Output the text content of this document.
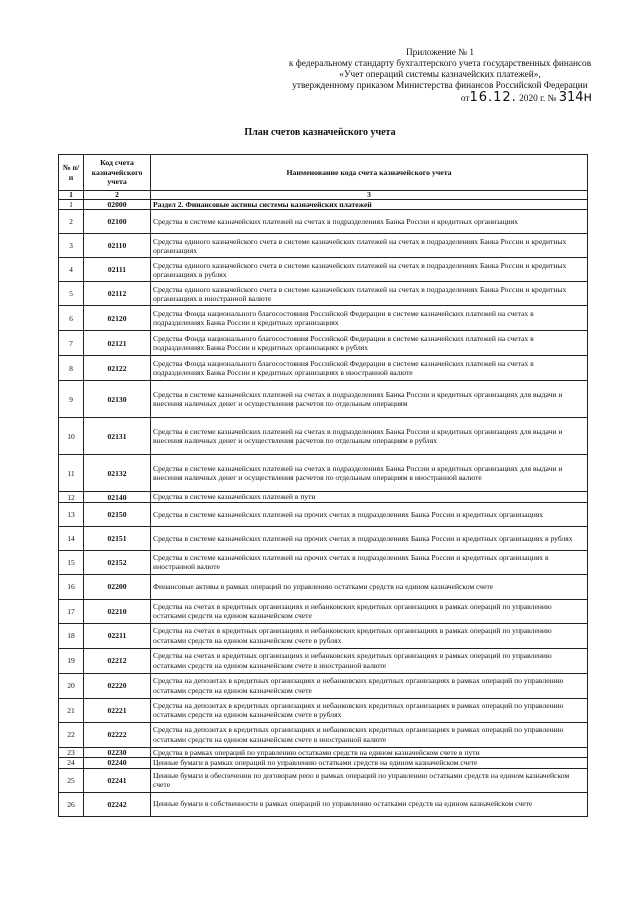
Приложение № 1
к федеральному стандарту бухгалтерского учета государственных финансов
«Учет операций системы казначейских платежей»,
утвержденному приказом Министерства финансов Российской Федерации
от16.12. 2020 г. № 314н
План счетов казначейского учета
№ п/п	Код счета казначейского учета	Наименование кода счета казначейского учета
1	2	3
1	02000	Раздел 2. Финансовые активы системы казначейских платежей
2	02100	Средства в системе казначейских платежей на счетах в подразделениях Банка России и кредитных организациях
3	02110	Средства единого казначейского счета в системе казначейских платежей на счетах в подразделениях Банка России и кредитных организациях
4	02111	Средства единого казначейского счета в системе казначейских платежей на счетах в подразделениях Банка России и кредитных организациях в рублях
5	02112	Средства единого казначейского счета в системе казначейских платежей на счетах в подразделениях Банка России и кредитных организациях в иностранной валюте
6	02120	Средства Фонда национального благосостояния Российской Федерации в системе казначейских платежей на счетах в подразделениях Банка России и кредитных организациях
7	02121	Средства Фонда национального благосостояния Российской Федерации в системе казначейских платежей на счетах в подразделениях Банка России и кредитных организациях в рублях
8	02122	Средства Фонда национального благосостояния Российской Федерации в системе казначейских платежей на счетах в подразделениях Банка России и кредитных организациях в иностранной валюте
9	02130	Средства в системе казначейских платежей на счетах в подразделениях Банка России и кредитных организациях для выдачи и внесения наличных денег и осуществления расчетов по отдельным операциям
10	02131	Средства в системе казначейских платежей на счетах в подразделениях Банка России и кредитных организациях для выдачи и внесения наличных денег и осуществления расчетов по отдельным операциям в рублях
11	02132	Средства в системе казначейских платежей на счетах в подразделениях Банка России и кредитных организациях для выдачи и внесения наличных денег и осуществления расчетов по отдельным операциям в иностранной валюте
12	02140	Средства в системе казначейских платежей в пути
13	02150	Средства в системе казначейских платежей на прочих счетах в подразделениях Банка России и кредитных организациях
14	02151	Средства в системе казначейских платежей на прочих счетах в подразделениях Банка России и кредитных организациях в рублях
15	02152	Средства в системе казначейских платежей на прочих счетах в подразделениях Банка России и кредитных организациях в иностранной валюте
16	02200	Финансовые активы в рамках операций по управлению остатками средств на едином казначейском счете
17	02210	Средства на счетах в кредитных организациях и небанковских кредитных организациях в рамках операций по управлению остатками средств на едином казначейском счете
18	02211	Средства на счетах в кредитных организациях и небанковских кредитных организациях в рамках операций по управлению остатками средств на едином казначейском счете в рублях
19	02212	Средства на счетах в кредитных организациях и небанковских кредитных организациях в рамках операций по управлению остатками средств на едином казначейском счете в иностранной валюте
20	02220	Средства на депозитах в кредитных организациях и небанковских кредитных организациях в рамках операций по управлению остатками средств на едином казначейском счете
21	02221	Средства на депозитах в кредитных организациях и небанковских кредитных организациях в рамках операций по управлению остатками средств на едином казначейском счете в рублях
22	02222	Средства на депозитах в кредитных организациях и небанковских кредитных организациях в рамках операций по управлению остатками средств на едином казначейском счете в иностранной валюте
23	02230	Средства в рамках операций по управлению остатками средств на едином казначейском счете в пути
24	02240	Ценные бумаги в рамках операций по управлению остатками средств на едином казначейском счете
25	02241	Ценные бумаги в обеспечении по договорам репо в рамках операций по управлению остатками средств на едином казначейском счете
26	02242	Ценные бумаги в собственности в рамках операций по управлению остатками средств на едином казначейском счете
